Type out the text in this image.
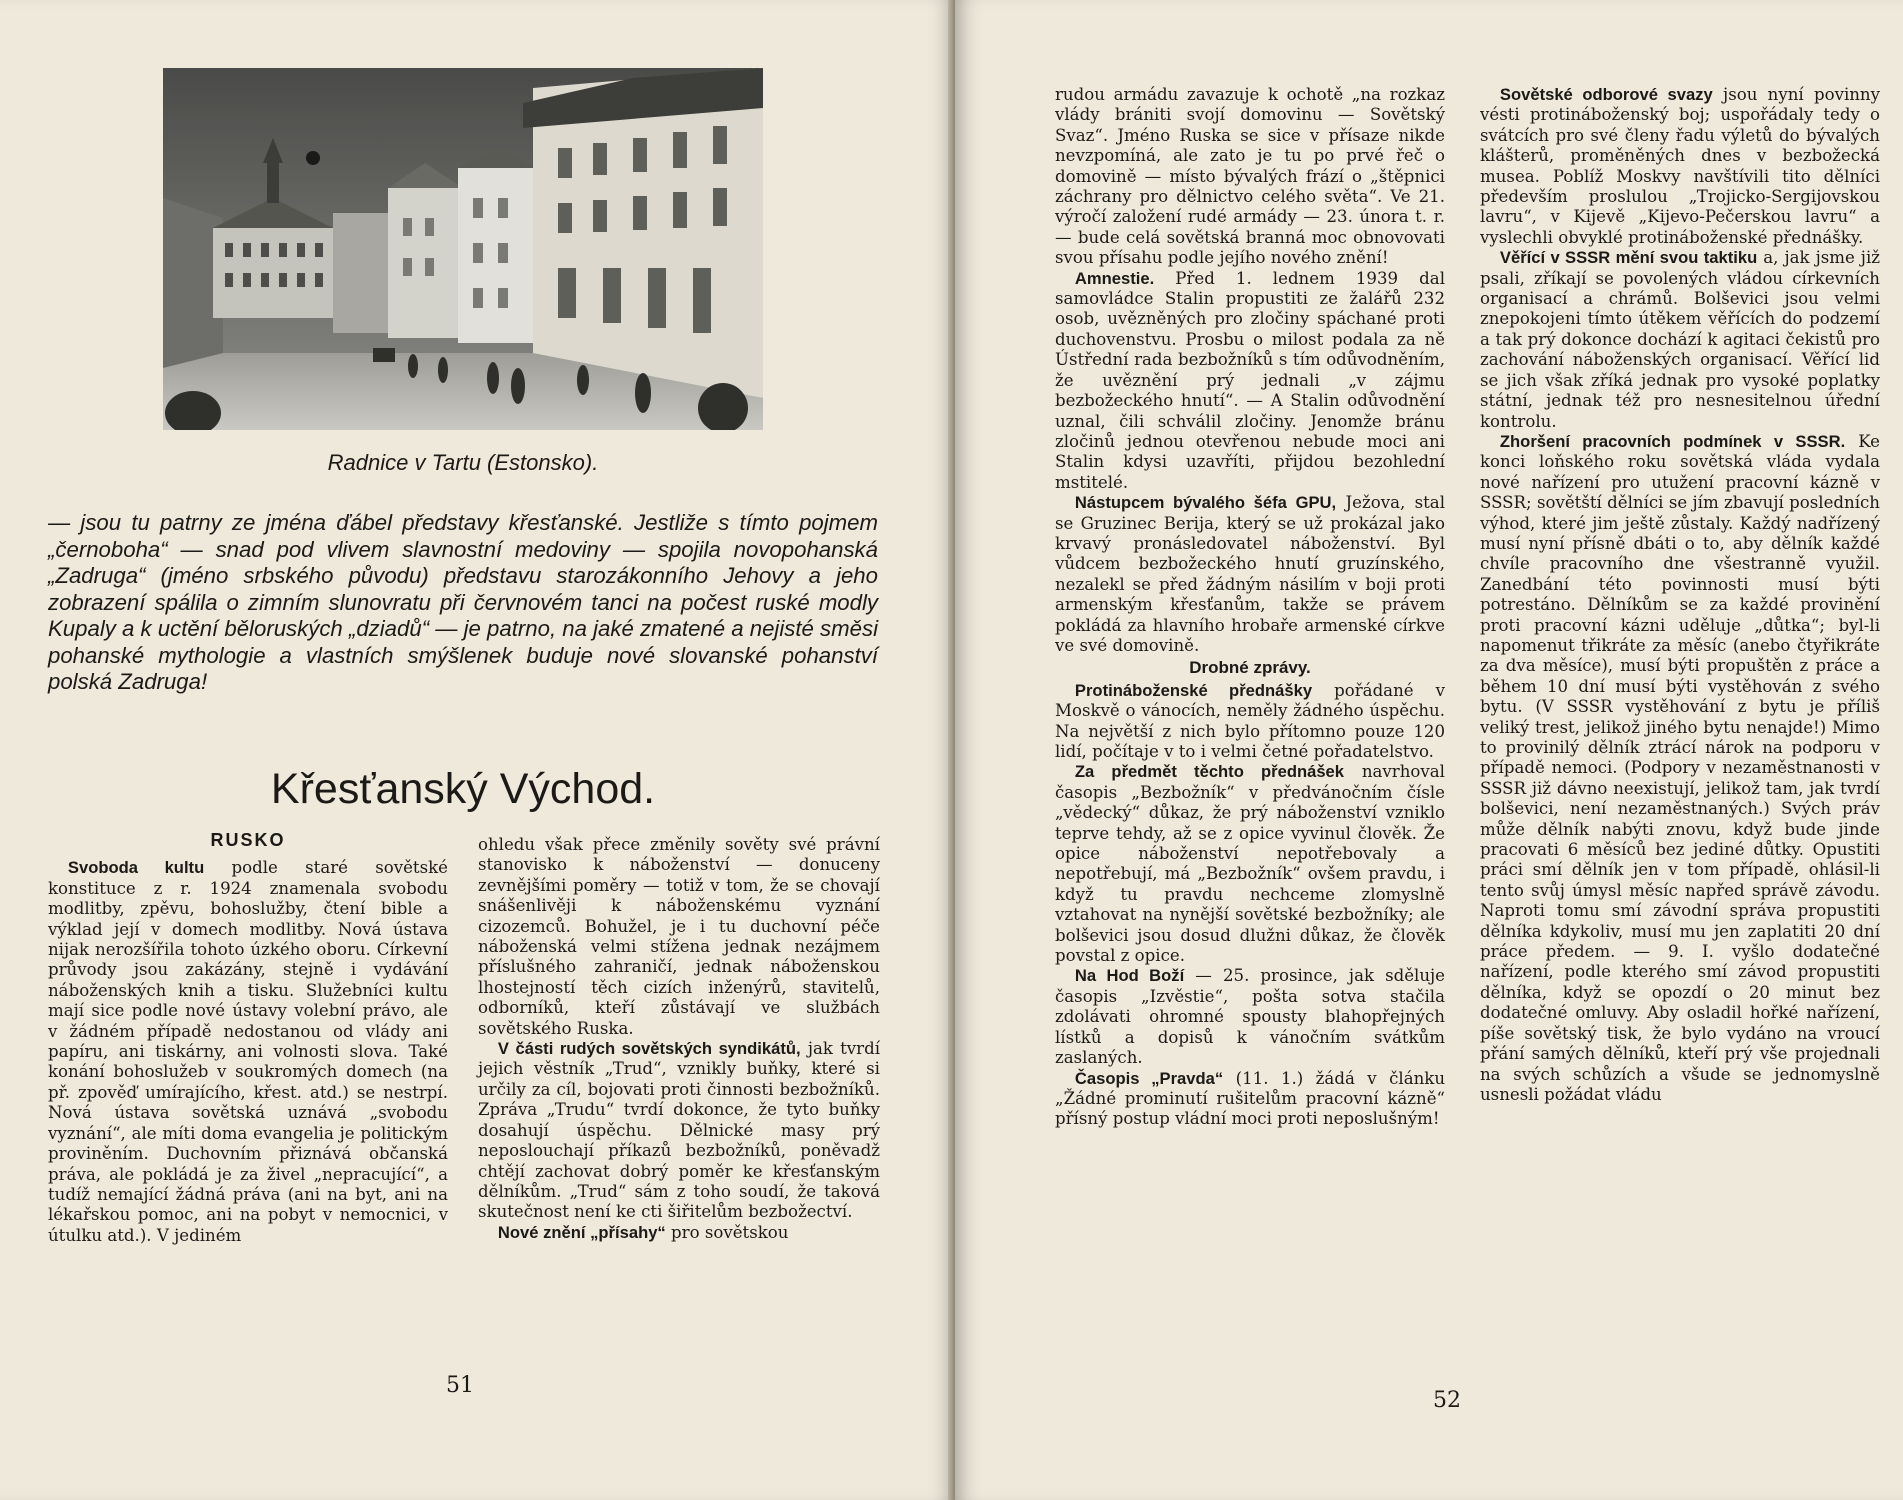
Radnice v Tartu (Estonsko).

— jsou tu patrny ze jména ďábel představy křesťanské. Jestliže s tímto pojmem „černoboha“ — snad pod vlivem slavnostní medoviny — spojila novopohanská „Zadruga“ (jméno srbského původu) představu starozákonního Jehovy a jeho zobrazení spálila o zimním slunovratu při červnovém tanci na počest ruské modly Kupaly a k uctění běloruských „dziadů“ — je patrno, na jaké zmatené a nejisté směsi pohanské mythologie a vlastních smýšlenek buduje nové slovanské pohanství polská Zadruga!

Křesťanský Východ.
RUSKO

Svoboda kultu podle staré sovětské konstituce z r. 1924 znamenala svobodu modlitby, zpěvu, bohoslužby, čtení bible a výklad její v domech modlitby. Nová ústava nijak nerozšířila tohoto úzkého oboru. Církevní průvody jsou zakázány, stejně i vydávání náboženských knih a tisku. Služebníci kultu mají sice podle nové ústavy volební právo, ale v žádném případě nedostanou od vlády ani papíru, ani tiskárny, ani volnosti slova. Také konání bohoslužeb v soukromých domech (na př. zpověď umírajícího, křest. atd.) se nestrpí. Nová ústava sovětská uznává „svobodu vyznání“, ale míti doma evangelia je politickým proviněním. Duchovním přiznává občanská práva, ale pokládá je za živel „nepracující“, a tudíž nemající žádná práva (ani na byt, ani na lékařskou pomoc, ani na pobyt v nemocnici, v útulku atd.). V jediném

ohledu však přece změnily sověty své právní stanovisko k náboženství — donuceny zevnějšími poměry — totiž v tom, že se chovají snášenlivěji k náboženskému vyznání cizozemců. Bohužel, je i tu duchovní péče náboženská velmi stížena jednak nezájmem příslušného zahraničí, jednak náboženskou lhostejností těch cizích inženýrů, stavitelů, odborníků, kteří zůstávají ve službách sovětského Ruska.

V části rudých sovětských syndikátů, jak tvrdí jejich věstník „Trud“, vznikly buňky, které si určily za cíl, bojovati proti činnosti bezbožníků. Zpráva „Trudu“ tvrdí dokonce, že tyto buňky dosahují úspěchu. Dělnické masy prý neposlouchají příkazů bezbožníků, poněvadž chtějí zachovat dobrý poměr ke křesťanským dělníkům. „Trud“ sám z toho soudí, že taková skutečnost není ke cti šiřitelům bezbožectví.

Nové znění „přísahy“ pro sovětskou

51

rudou armádu zavazuje k ochotě „na rozkaz vlády brániti svojí domovinu — Sovětský Svaz“. Jméno Ruska se sice v přísaze nikde nevzpomíná, ale zato je tu po prvé řeč o domovině — místo bývalých frází o „štěpnici záchrany pro dělnictvo celého světa“. Ve 21. výročí založení rudé armády — 23. února t. r. — bude celá sovětská branná moc obnovovati svou přísahu podle jejího nového znění!

Amnestie. Před 1. lednem 1939 dal samovládce Stalin propustiti ze žalářů 232 osob, uvězněných pro zločiny spáchané proti duchovenstvu. Prosbu o milost podala za ně Ústřední rada bezbožníků s tím odůvodněním, že uvěznění prý jednali „v zájmu bezbožeckého hnutí“. — A Stalin odůvodnění uznal, čili schválil zločiny. Jenomže bránu zločinů jednou otevřenou nebude moci ani Stalin kdysi uzavříti, přijdou bezohlední mstitelé.

Nástupcem bývalého šéfa GPU, Ježova, stal se Gruzinec Berija, který se už prokázal jako krvavý pronásledovatel náboženství. Byl vůdcem bezbožeckého hnutí gruzínského, nezalekl se před žádným násilím v boji proti armenským křesťanům, takže se právem pokládá za hlavního hrobaře armenské církve ve své domovině.

Drobné zprávy.

Protináboženské přednášky pořádané v Moskvě o vánocích, neměly žádného úspěchu. Na největší z nich bylo přítomno pouze 120 lidí, počítaje v to i velmi četné pořadatelstvo.

Za předmět těchto přednášek navrhoval časopis „Bezbožník“ v předvánočním čísle „vědecký“ důkaz, že prý náboženství vzniklo teprve tehdy, až se z opice vyvinul člověk. Že opice náboženství nepotřebovaly a nepotřebují, má „Bezbožník“ ovšem pravdu, i když tu pravdu nechceme zlomyslně vztahovat na nynější sovětské bezbožníky; ale bolševici jsou dosud dlužni důkaz, že člověk povstal z opice.

Na Hod Boží — 25. prosince, jak sděluje časopis „Izvěstie“, pošta sotva stačila zdolávati ohromné spousty blahopřejných lístků a dopisů k vánočním svátkům zaslaných.

Časopis „Pravda“ (11. 1.) žádá v článku „Žádné prominutí rušitelům pracovní kázně“ přísný postup vládní moci proti neposlušným!

Sovětské odborové svazy jsou nyní povinny vésti protináboženský boj; uspořádaly tedy o svátcích pro své členy řadu výletů do bývalých klášterů, proměněných dnes v bezbožecká musea. Poblíž Moskvy navštívili tito dělníci především proslulou „Trojicko-Sergijovskou lavru“, v Kijevě „Kijevo-Pečerskou lavru“ a vyslechli obvyklé protináboženské přednášky.

Věřící v SSSR mění svou taktiku a, jak jsme již psali, zříkají se povolených vládou církevních organisací a chrámů. Bolševici jsou velmi znepokojeni tímto útěkem věřících do podzemí a tak prý dokonce dochází k agitaci čekistů pro zachování náboženských organisací. Věřící lid se jich však zříká jednak pro vysoké poplatky státní, jednak též pro nesnesitelnou úřední kontrolu.

Zhoršení pracovních podmínek v SSSR. Ke konci loňského roku sovětská vláda vydala nové nařízení pro utužení pracovní kázně v SSSR; sovětští dělníci se jím zbavují posledních výhod, které jim ještě zůstaly. Každý nadřízený musí nyní přísně dbáti o to, aby dělník každé chvíle pracovního dne všestranně využil. Zanedbání této povinnosti musí býti potrestáno. Dělníkům se za každé provinění proti pracovní kázni uděluje „důtka“; byl-li napomenut třikráte za měsíc (anebo čtyřikráte za dva měsíce), musí býti propuštěn z práce a během 10 dní musí býti vystěhován z svého bytu. (V SSSR vystěhování z bytu je příliš veliký trest, jelikož jiného bytu nenajde!) Mimo to provinilý dělník ztrácí nárok na podporu v případě nemoci. (Podpory v nezaměstnanosti v SSSR již dávno neexistují, jelikož tam, jak tvrdí bolševici, není nezaměstnaných.) Svých práv může dělník nabýti znovu, když bude jinde pracovati 6 měsíců bez jediné důtky. Opustiti práci smí dělník jen v tom případě, ohlásil-li tento svůj úmysl měsíc napřed správě závodu. Naproti tomu smí závodní správa propustiti dělníka kdykoliv, musí mu jen zaplatiti 20 dní práce předem. — 9. I. vyšlo dodatečné nařízení, podle kterého smí závod propustiti dělníka, když se opozdí o 20 minut bez dodatečné omluvy. Aby osladil hořké nařízení, píše sovětský tisk, že bylo vydáno na vroucí přání samých dělníků, kteří prý vše projednali na svých schůzích a všude se jednomyslně usnesli požádat vládu

52
